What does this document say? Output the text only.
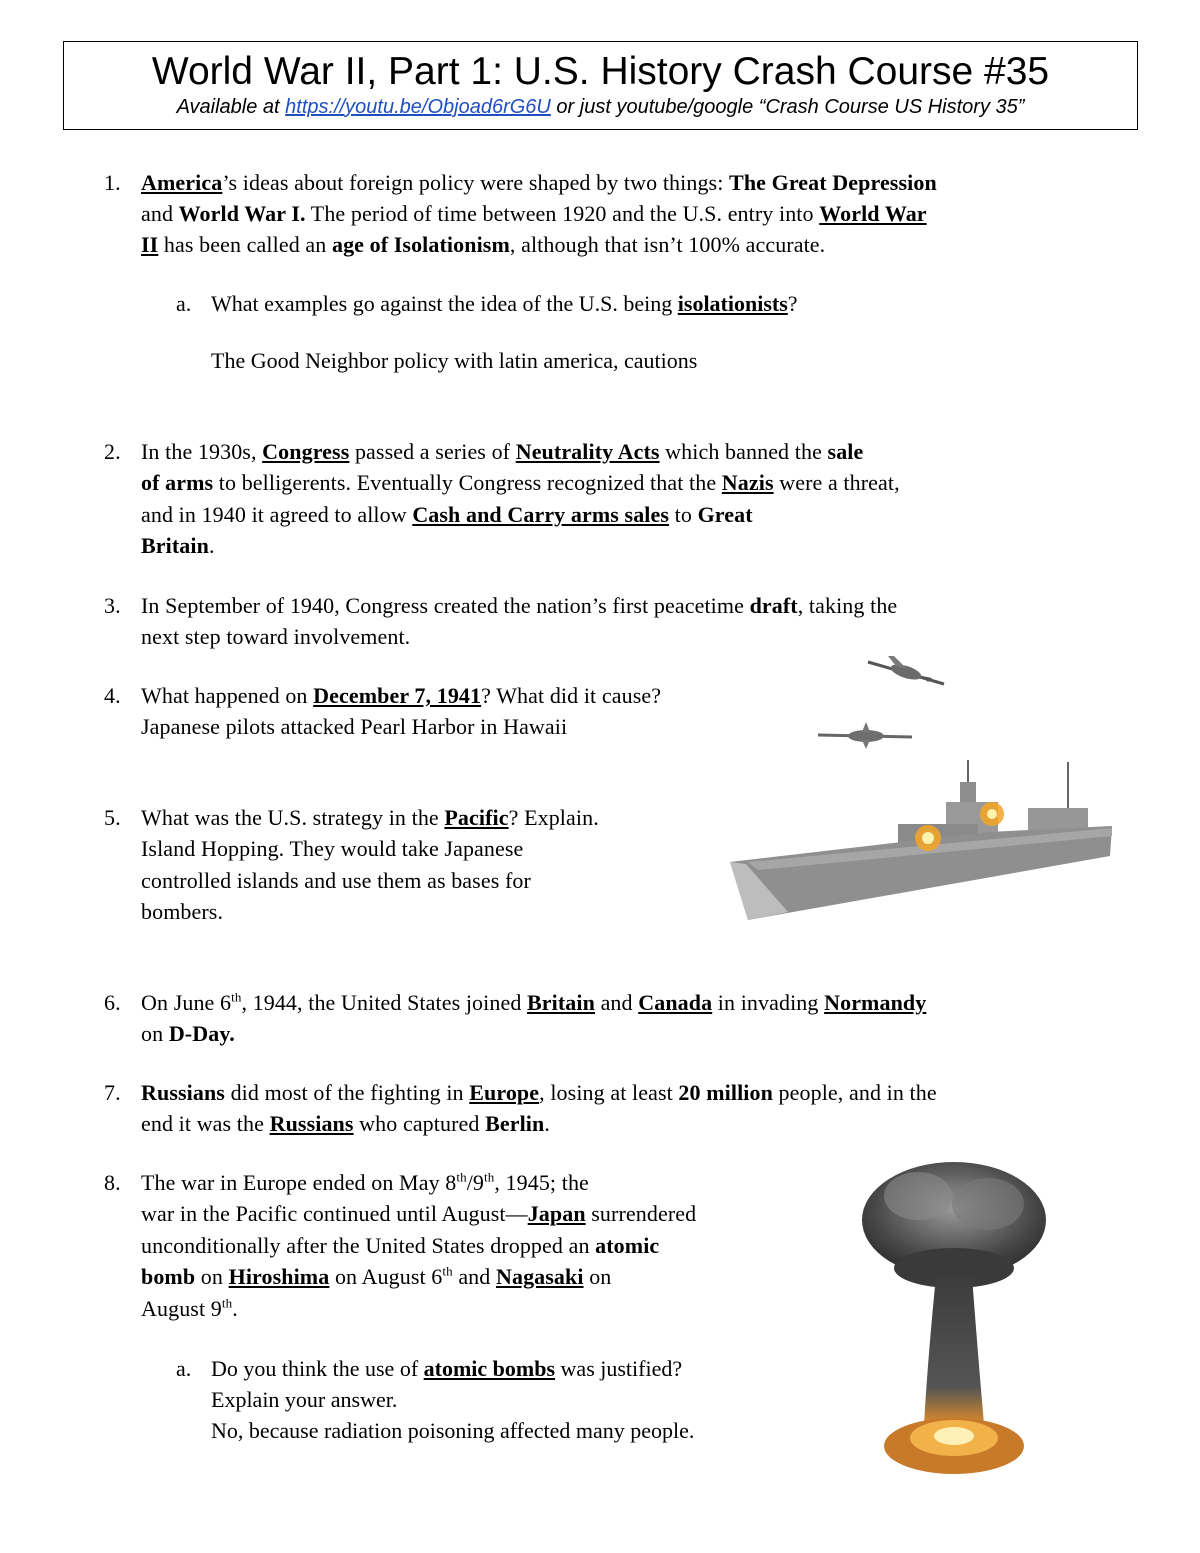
World War II, Part 1: U.S. History Crash Course #35
Available at https://youtu.be/Objoad6rG6U or just youtube/google “Crash Course US History 35”
1. America’s ideas about foreign policy were shaped by two things: The Great Depression
and World War I. The period of time between 1920 and the U.S. entry into World War
II has been called an age of Isolationism, although that isn’t 100% accurate.
a. What examples go against the idea of the U.S. being isolationists?
The Good Neighbor policy with latin america, cautions
2. In the 1930s, Congress passed a series of Neutrality Acts which banned the sale
of arms to belligerents. Eventually Congress recognized that the Nazis were a threat,
and in 1940 it agreed to allow Cash and Carry arms sales to Great
Britain.
3. In September of 1940, Congress created the nation’s first peacetime draft, taking the
next step toward involvement.
4. What happened on December 7, 1941? What did it cause?
Japanese pilots attacked Pearl Harbor in Hawaii
5. What was the U.S. strategy in the Pacific? Explain.
Island Hopping. They would take Japanese
controlled islands and use them as bases for
bombers.
6. On June 6th, 1944, the United States joined Britain and Canada in invading Normandy
on D-Day.
7. Russians did most of the fighting in Europe, losing at least 20 million people, and in the
end it was the Russians who captured Berlin.
8. The war in Europe ended on May 8th/9th, 1945; the
war in the Pacific continued until August—Japan surrendered
unconditionally after the United States dropped an atomic
bomb on Hiroshima on August 6th and Nagasaki on
August 9th.
a. Do you think the use of atomic bombs was justified?
Explain your answer.
No, because radiation poisoning affected many people.
